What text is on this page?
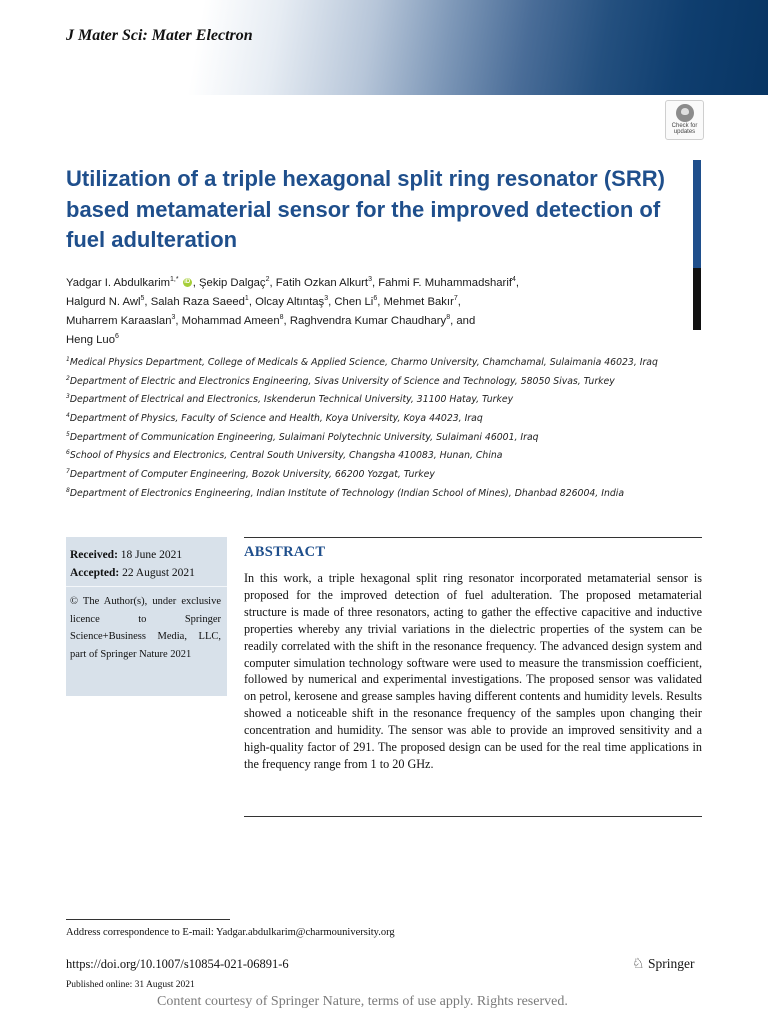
J Mater Sci: Mater Electron
Check for
updates
Utilization of a triple hexagonal split ring resonator (SRR) based metamaterial sensor for the improved detection of fuel adulteration
Yadgar I. Abdulkarim$^{1,*}$ iD , Şekip Dalgaç$^2$, Fatih Ozkan Alkurt$^3$, Fahmi F. Muhammadsharif$^4$,
Halgurd N. Awl$^5$, Salah Raza Saeed$^1$, Olcay Altıntaş$^3$, Chen Li$^6$, Mehmet Bakır$^7$,
Muharrem Karaaslan$^3$, Mohammad Ameen$^8$, Raghvendra Kumar Chaudhary$^8$, and
Heng Luo$^6$
$^1$Medical Physics Department, College of Medicals & Applied Science, Charmo University, Chamchamal, Sulaimania 46023, Iraq
$^2$Department of Electric and Electronics Engineering, Sivas University of Science and Technology, 58050 Sivas, Turkey
$^3$Department of Electrical and Electronics, Iskenderun Technical University, 31100 Hatay, Turkey
$^4$Department of Physics, Faculty of Science and Health, Koya University, Koya 44023, Iraq
$^5$Department of Communication Engineering, Sulaimani Polytechnic University, Sulaimani 46001, Iraq
$^6$School of Physics and Electronics, Central South University, Changsha 410083, Hunan, China
$^7$Department of Computer Engineering, Bozok University, 66200 Yozgat, Turkey
$^8$Department of Electronics Engineering, Indian Institute of Technology (Indian School of Mines), Dhanbad 826004, India
Received: 18 June 2021
Accepted: 22 August 2021
© The Author(s), under exclusive licence to Springer Science+Business Media, LLC, part of Springer Nature 2021
ABSTRACT
In this work, a triple hexagonal split ring resonator incorporated metamaterial sensor is proposed for the improved detection of fuel adulteration. The proposed metamaterial structure is made of three resonators, acting to gather the effective capacitive and inductive properties whereby any trivial variations in the dielectric properties of the system can be readily correlated with the shift in the resonance frequency. The advanced design system and computer simulation technology software were used to measure the transmission coefficient, followed by numerical and experimental investigations. The proposed sensor was validated on petrol, kerosene and grease samples having different contents and humidity levels. Results showed a noticeable shift in the resonance frequency of the samples upon changing their concentration and humidity. The sensor was able to provide an improved sensitivity and a high-quality factor of 291. The proposed design can be used for the real time applications in the frequency range from 1 to 20 GHz.
Address correspondence to E-mail: Yadgar.abdulkarim@charmouniversity.org
https://doi.org/10.1007/s10854-021-06891-6	♘ Springer
Published online: 31 August 2021
Content courtesy of Springer Nature, terms of use apply. Rights reserved.
